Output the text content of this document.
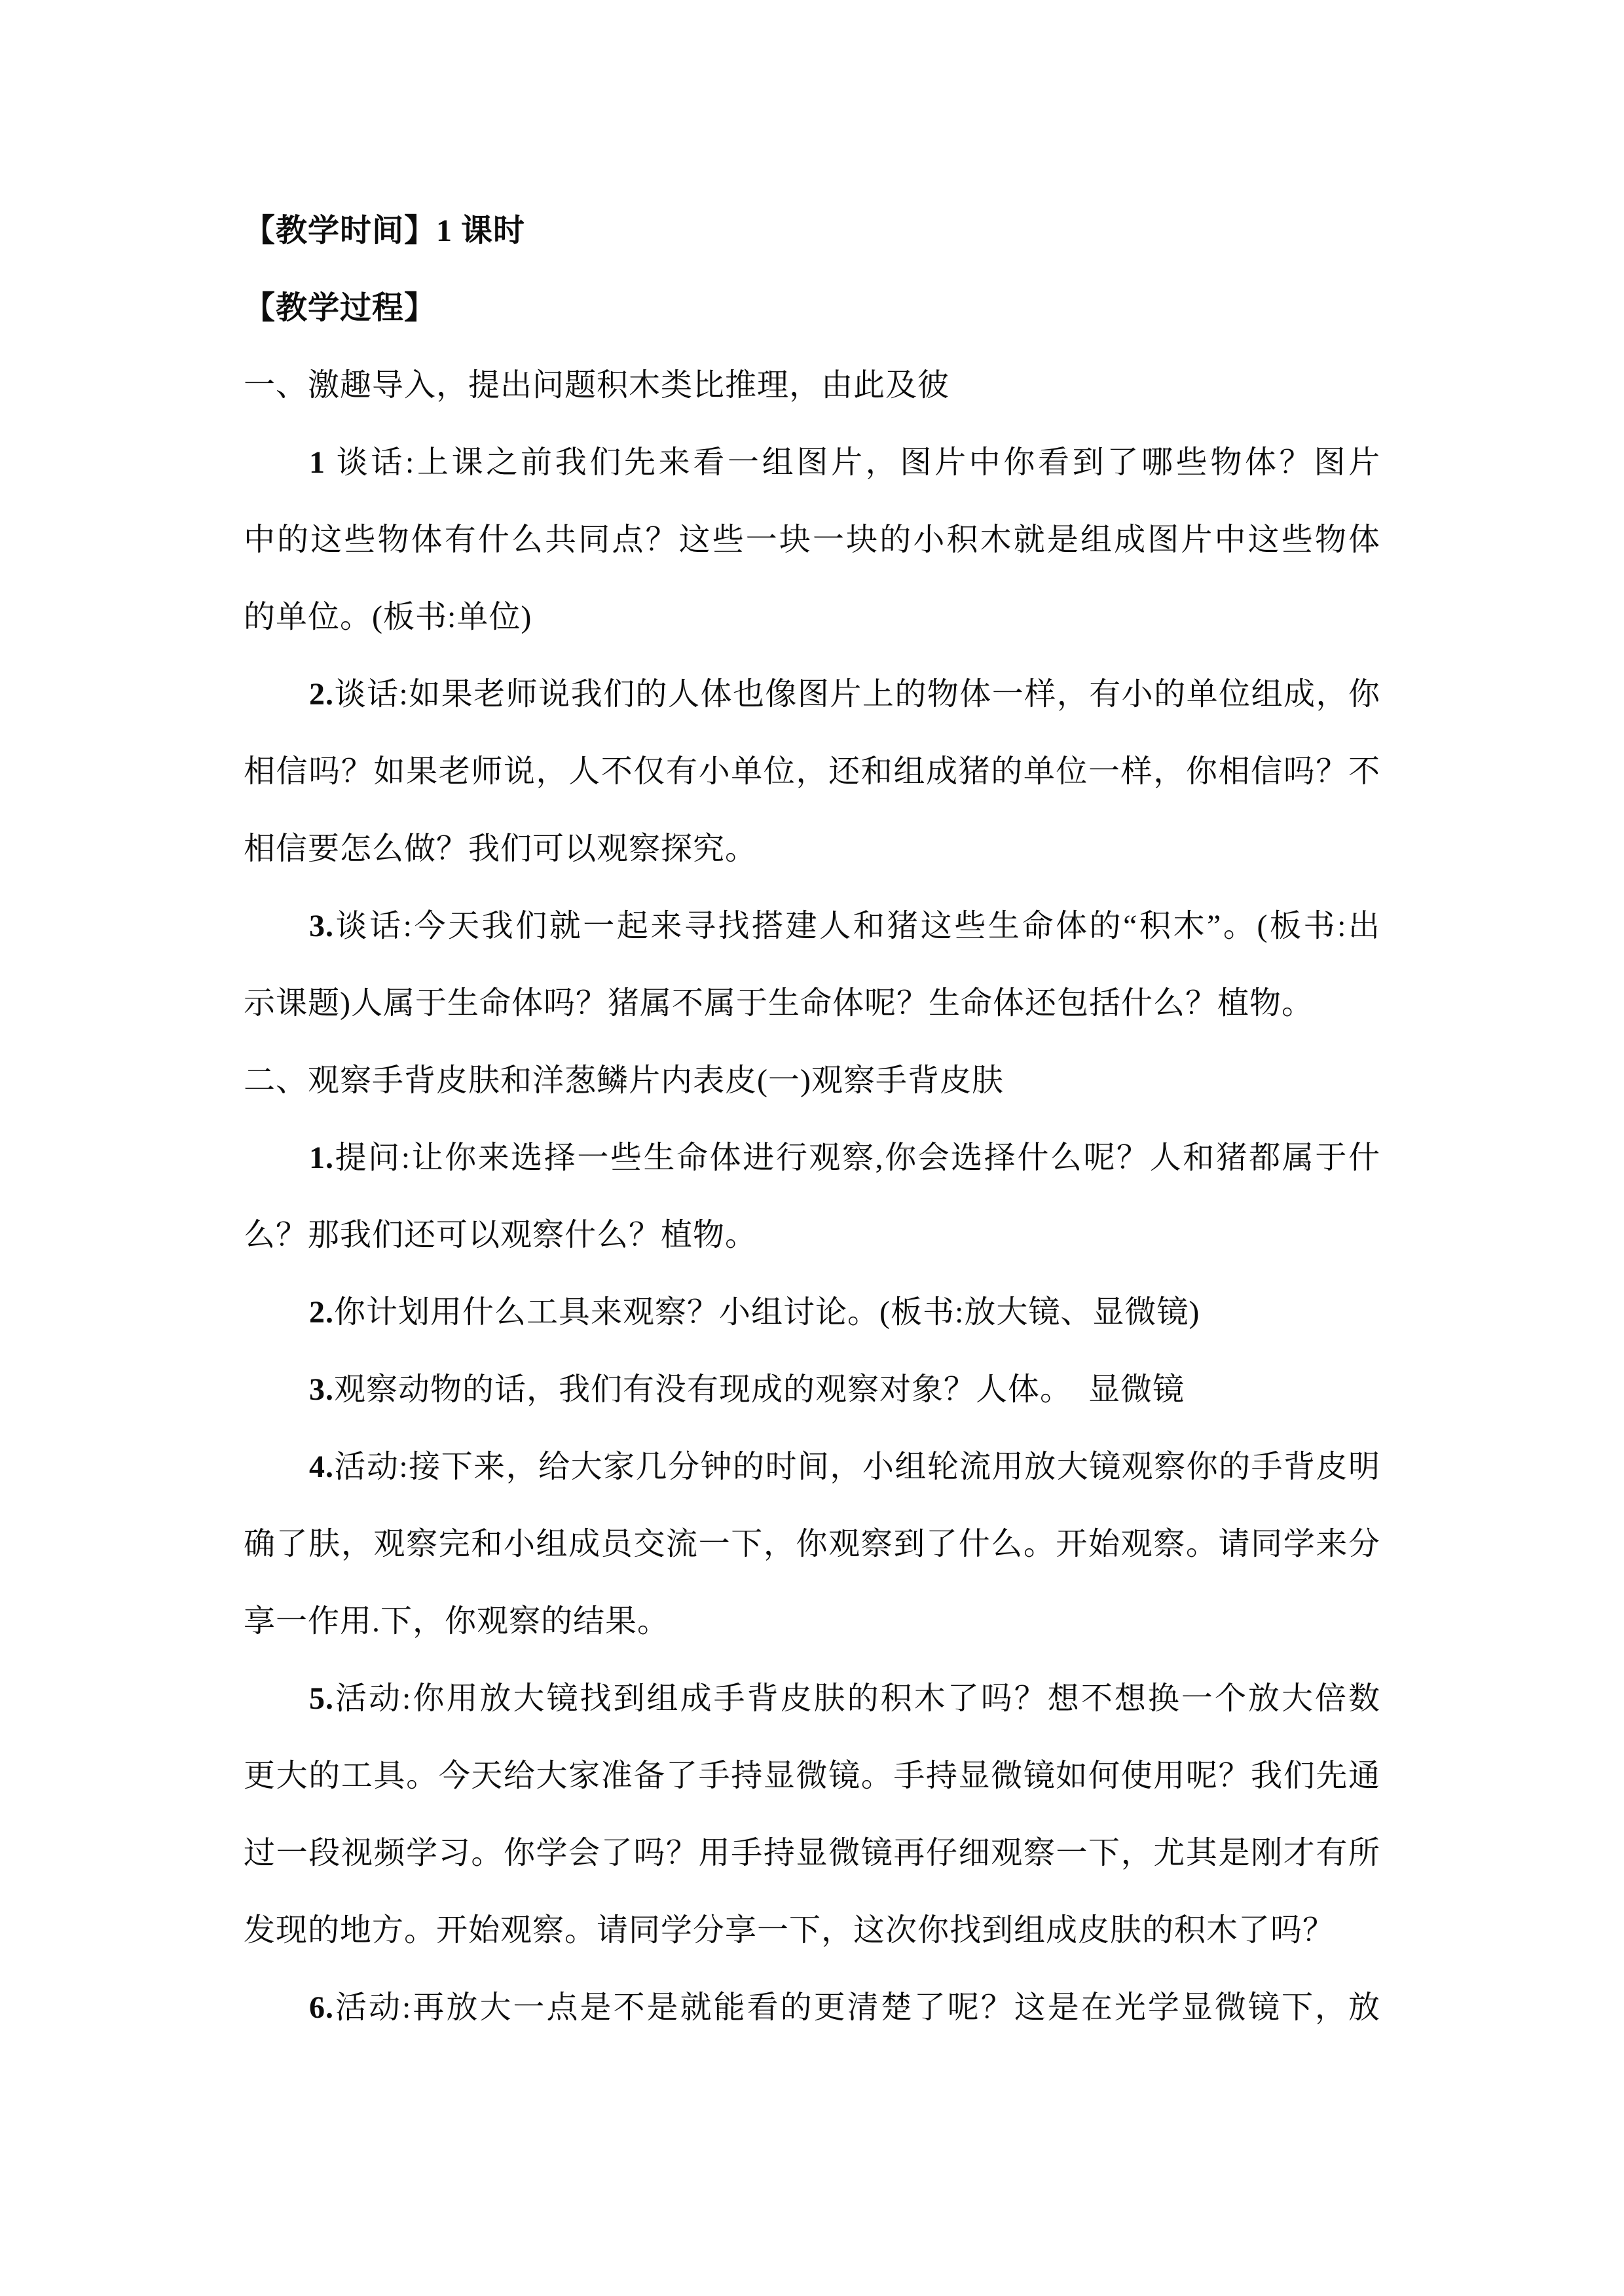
【教学时间】1 课时
【教学过程】
一、激趣导入，提出问题积木类比推理，由此及彼
1 谈话:上课之前我们先来看一组图片，图片中你看到了哪些物体？图片
中的这些物体有什么共同点？这些一块一块的小积木就是组成图片中这些物体
的单位。(板书:单位)
2.谈话:如果老师说我们的人体也像图片上的物体一样，有小的单位组成，你
相信吗？如果老师说，人不仅有小单位，还和组成猪的单位一样，你相信吗？不
相信要怎么做？我们可以观察探究。
3.谈话:今天我们就一起来寻找搭建人和猪这些生命体的“积木”。(板书:出
示课题)人属于生命体吗？猪属不属于生命体呢？生命体还包括什么？植物。
二、观察手背皮肤和洋葱鳞片内表皮(一)观察手背皮肤
1.提问:让你来选择一些生命体进行观察,你会选择什么呢？人和猪都属于什
么？那我们还可以观察什么？植物。
2.你计划用什么工具来观察？小组讨论。(板书:放大镜、显微镜)
3.观察动物的话，我们有没有现成的观察对象？人体。　显微镜
4.活动:接下来，给大家几分钟的时间，小组轮流用放大镜观察你的手背皮明
确了肤，观察完和小组成员交流一下，你观察到了什么。开始观察。请同学来分
享一作用.下，你观察的结果。
5.活动:你用放大镜找到组成手背皮肤的积木了吗？想不想换一个放大倍数
更大的工具。今天给大家准备了手持显微镜。手持显微镜如何使用呢？我们先通
过一段视频学习。你学会了吗？用手持显微镜再仔细观察一下，尤其是刚才有所
发现的地方。开始观察。请同学分享一下，这次你找到组成皮肤的积木了吗？
6.活动:再放大一点是不是就能看的更清楚了呢？这是在光学显微镜下，放
